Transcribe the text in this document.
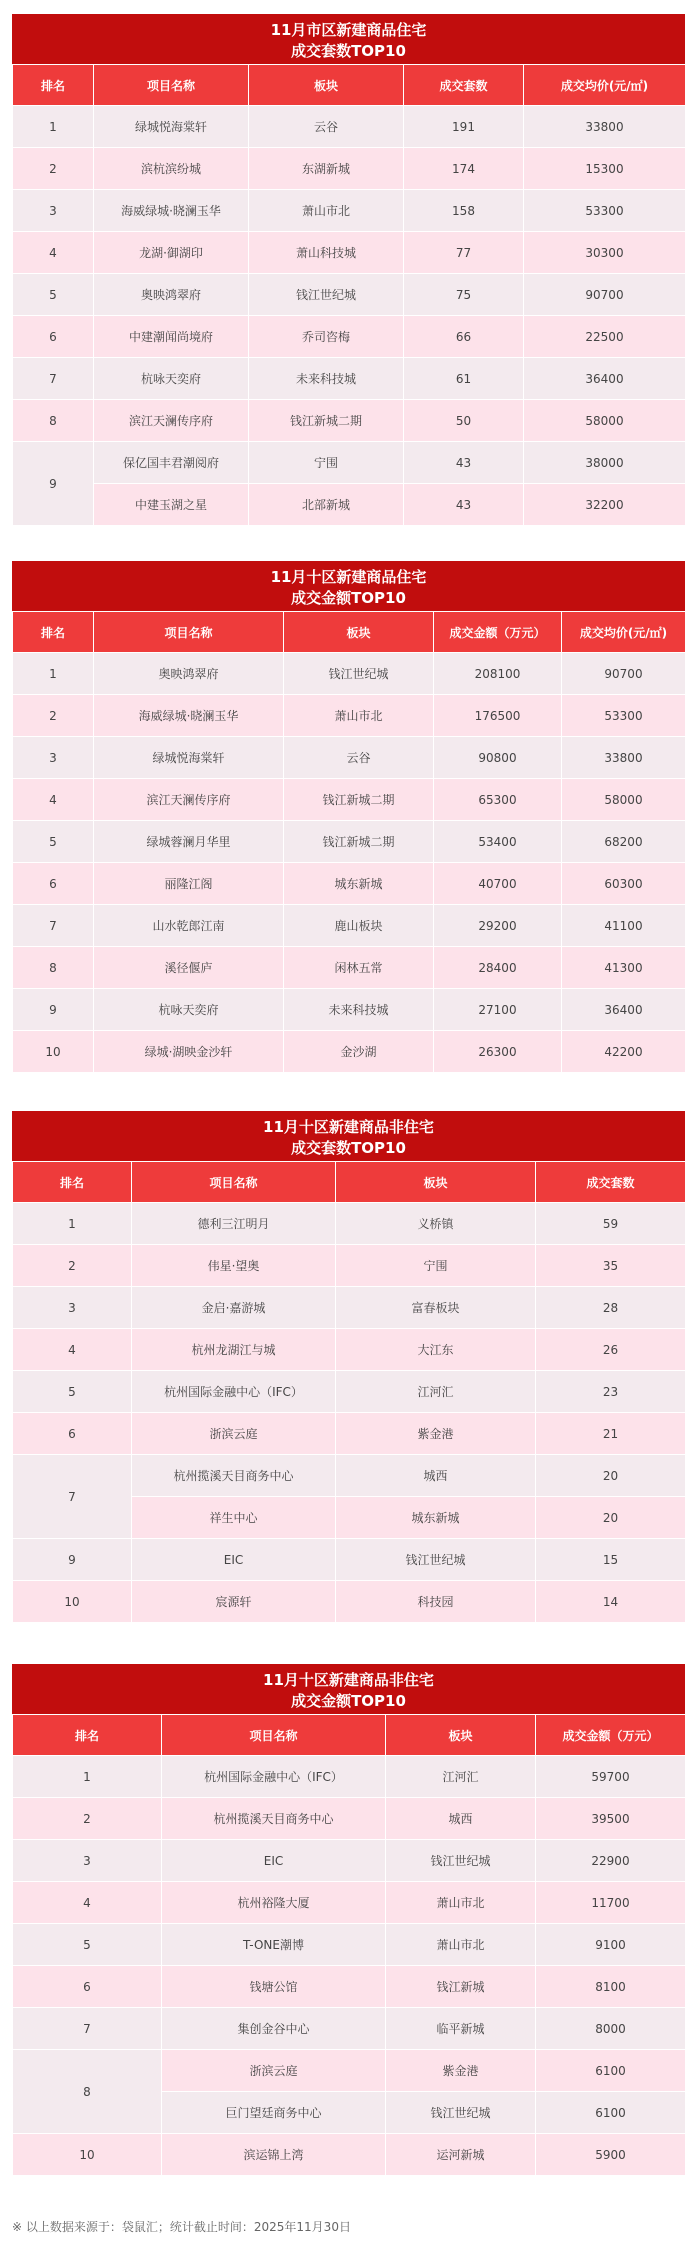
11月市区新建商品住宅
成交套数TOP10
排名	项目名称	板块	成交套数	成交均价(元/㎡)
1	绿城悦海棠轩	云谷	191	33800
2	滨杭滨纷城	东湖新城	174	15300
3	海威绿城·晓澜玉华	萧山市北	158	53300
4	龙湖·御湖印	萧山科技城	77	30300
5	奥映鸿翠府	钱江世纪城	75	90700
6	中建潮闻尚境府	乔司咨梅	66	22500
7	杭咏天奕府	未来科技城	61	36400
8	滨江天澜传序府	钱江新城二期	50	58000
9	保亿国丰君潮阅府	宁围	43	38000
	中建玉湖之星	北部新城	43	32200
11月十区新建商品住宅
成交金额TOP10
排名	项目名称	板块	成交金额（万元）	成交均价(元/㎡)
1	奥映鸿翠府	钱江世纪城	208100	90700
2	海威绿城·晓澜玉华	萧山市北	176500	53300
3	绿城悦海棠轩	云谷	90800	33800
4	滨江天澜传序府	钱江新城二期	65300	58000
5	绿城蓉澜月华里	钱江新城二期	53400	68200
6	丽隆江阁	城东新城	40700	60300
7	山水乾郎江南	鹿山板块	29200	41100
8	溪径偃庐	闲林五常	28400	41300
9	杭咏天奕府	未来科技城	27100	36400
10	绿城·湖映金沙轩	金沙湖	26300	42200
11月十区新建商品非住宅
成交套数TOP10
排名	项目名称	板块	成交套数
1	德利三江明月	义桥镇	59
2	伟星·望奥	宁围	35
3	金启·嘉游城	富春板块	28
4	杭州龙湖江与城	大江东	26
5	杭州国际金融中心（IFC）	江河汇	23
6	浙滨云庭	紫金港	21
7	杭州揽溪天目商务中心	城西	20
	祥生中心	城东新城	20
9	EIC	钱江世纪城	15
10	宸源轩	科技园	14
11月十区新建商品非住宅
成交金额TOP10
排名	项目名称	板块	成交金额（万元）
1	杭州国际金融中心（IFC）	江河汇	59700
2	杭州揽溪天目商务中心	城西	39500
3	EIC	钱江世纪城	22900
4	杭州裕隆大厦	萧山市北	11700
5	T-ONE潮博	萧山市北	9100
6	钱塘公馆	钱江新城	8100
7	集创金谷中心	临平新城	8000
8	浙滨云庭	紫金港	6100
	巨门望廷商务中心	钱江世纪城	6100
10	滨运锦上湾	运河新城	5900
※ 以上数据来源于：袋鼠汇；统计截止时间：2025年11月30日
